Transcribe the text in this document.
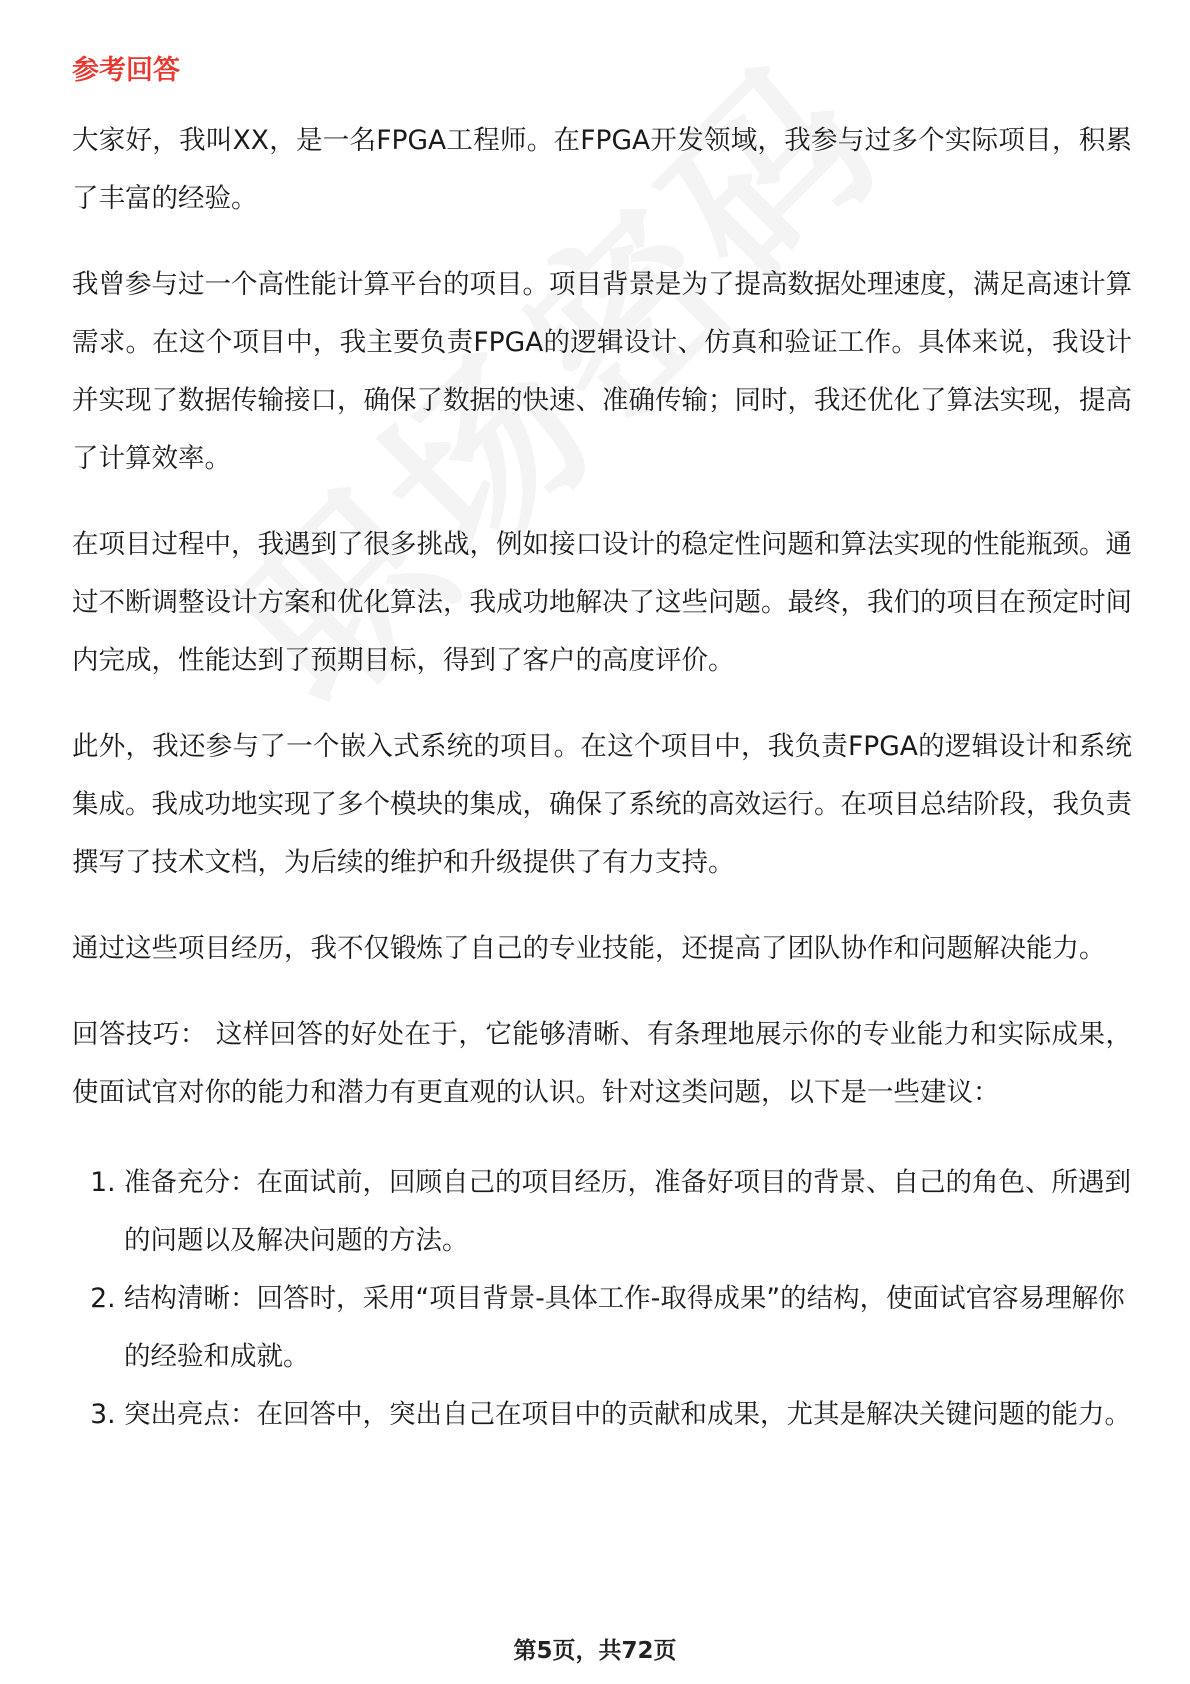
参考回答

大家好，我叫XX，是一名FPGA工程师。在FPGA开发领域，我参与过多个实际项目，积累了丰富的经验。

我曾参与过一个高性能计算平台的项目。项目背景是为了提高数据处理速度，满足高速计算需求。在这个项目中，我主要负责FPGA的逻辑设计、仿真和验证工作。具体来说，我设计并实现了数据传输接口，确保了数据的快速、准确传输；同时，我还优化了算法实现，提高了计算效率。

在项目过程中，我遇到了很多挑战，例如接口设计的稳定性问题和算法实现的性能瓶颈。通过不断调整设计方案和优化算法，我成功地解决了这些问题。最终，我们的项目在预定时间内完成，性能达到了预期目标，得到了客户的高度评价。

此外，我还参与了一个嵌入式系统的项目。在这个项目中，我负责FPGA的逻辑设计和系统集成。我成功地实现了多个模块的集成，确保了系统的高效运行。在项目总结阶段，我负责撰写了技术文档，为后续的维护和升级提供了有力支持。

通过这些项目经历，我不仅锻炼了自己的专业技能，还提高了团队协作和问题解决能力。

回答技巧： 这样回答的好处在于，它能够清晰、有条理地展示你的专业能力和实际成果，使面试官对你的能力和潜力有更直观的认识。针对这类问题，以下是一些建议：

1. 准备充分：在面试前，回顾自己的项目经历，准备好项目的背景、自己的角色、所遇到的问题以及解决问题的方法。
2. 结构清晰：回答时，采用“项目背景-具体工作-取得成果”的结构，使面试官容易理解你的经验和成就。
3. 突出亮点：在回答中，突出自己在项目中的贡献和成果，尤其是解决关键问题的能力。
第5页，共72页
